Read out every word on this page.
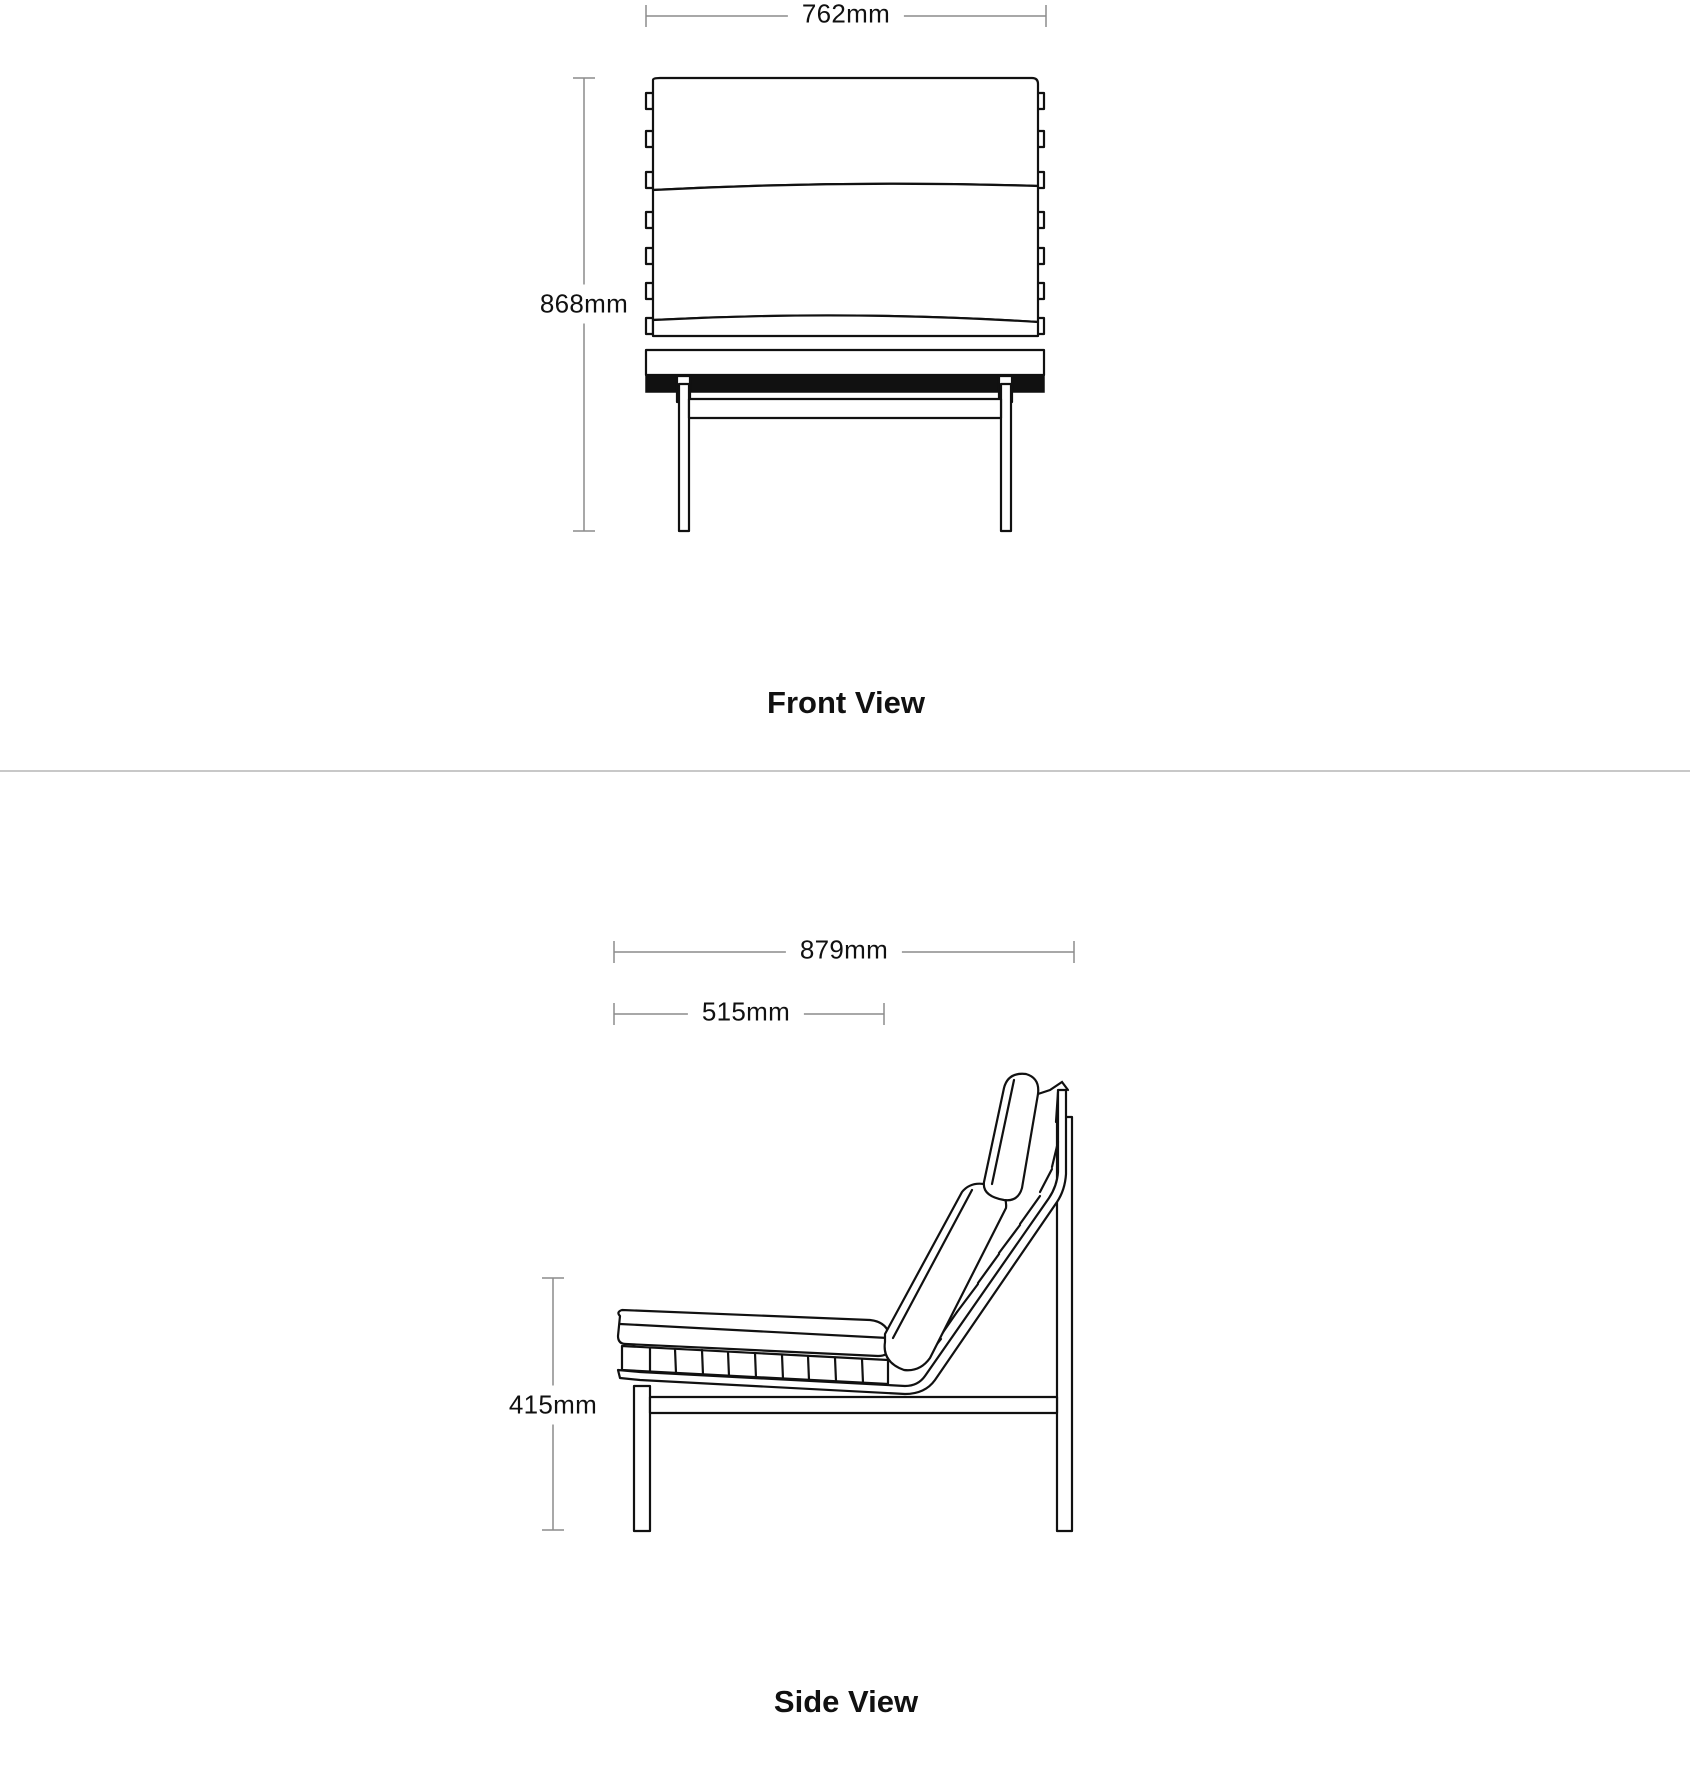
762mm
868mm
Front View
879mm
515mm
415mm
Side View
